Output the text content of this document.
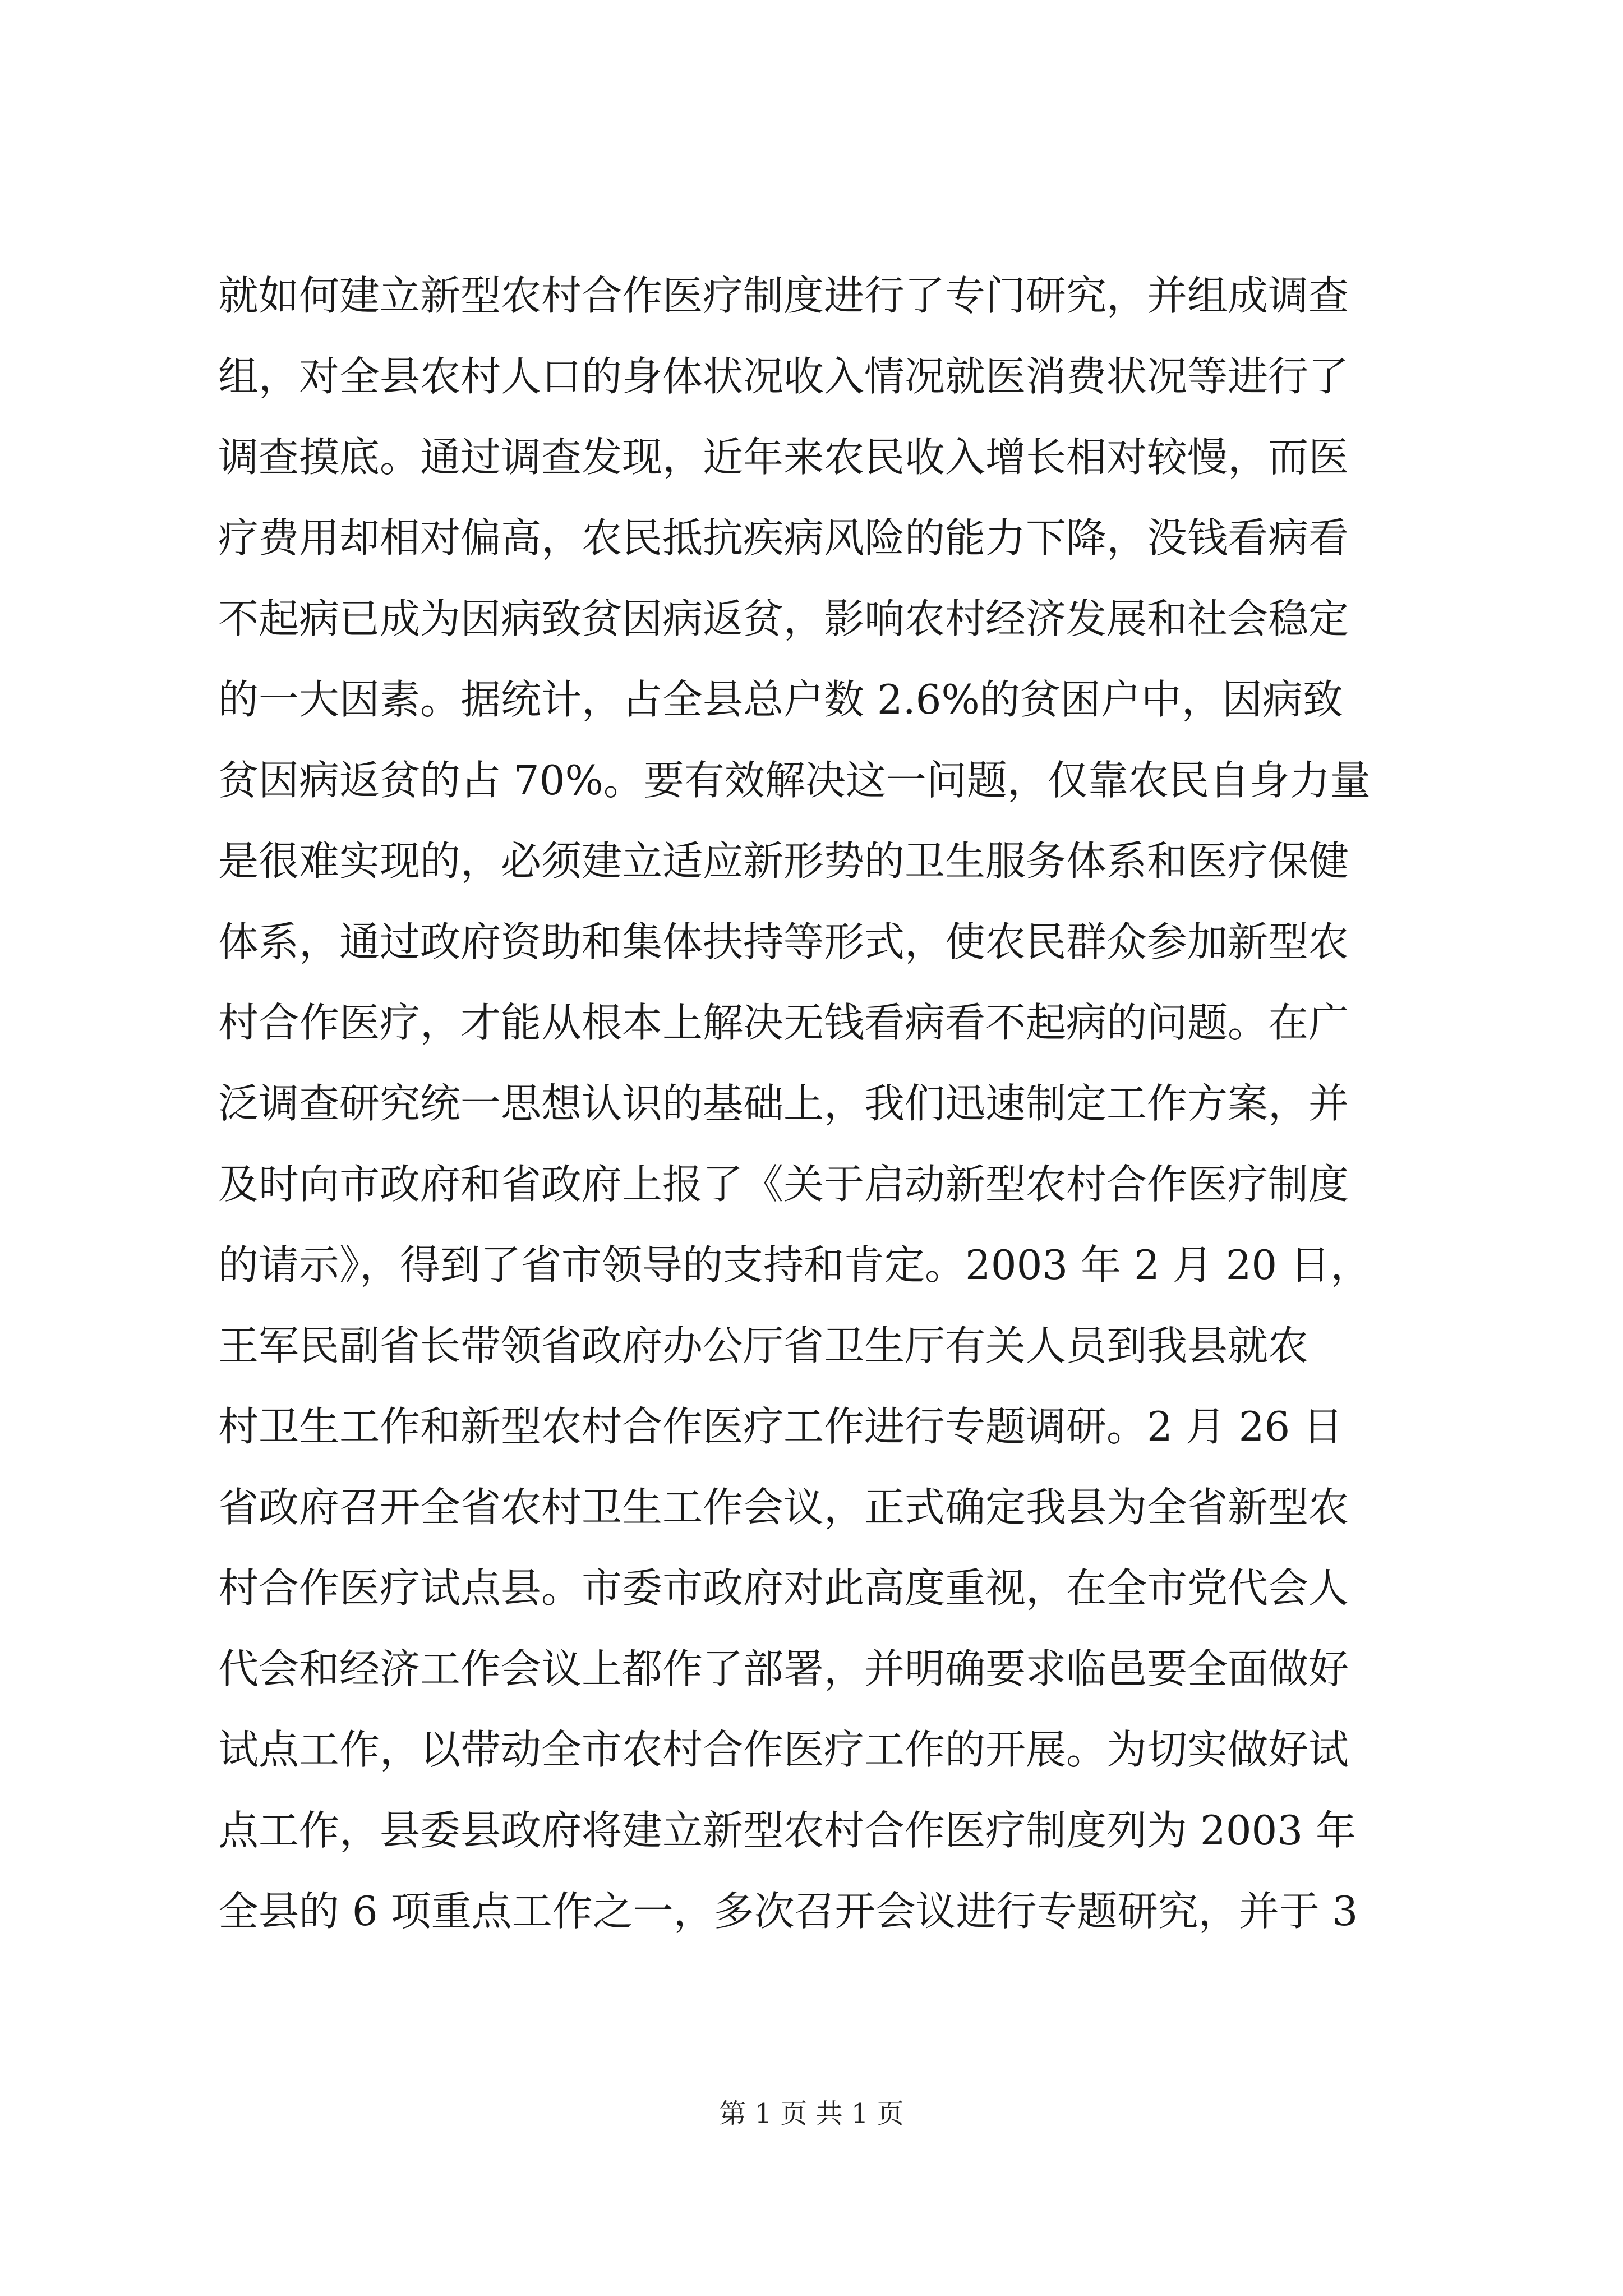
就如何建立新型农村合作医疗制度进行了专门研究，并组成调查
组，对全县农村人口的身体状况收入情况就医消费状况等进行了
调查摸底。通过调查发现，近年来农民收入增长相对较慢，而医
疗费用却相对偏高，农民抵抗疾病风险的能力下降，没钱看病看
不起病已成为因病致贫因病返贫，影响农村经济发展和社会稳定
的一大因素。据统计，占全县总户数 2.6%的贫困户中，因病致
贫因病返贫的占 70%。要有效解决这一问题，仅靠农民自身力量
是很难实现的，必须建立适应新形势的卫生服务体系和医疗保健
体系，通过政府资助和集体扶持等形式，使农民群众参加新型农
村合作医疗，才能从根本上解决无钱看病看不起病的问题。在广
泛调查研究统一思想认识的基础上，我们迅速制定工作方案，并
及时向市政府和省政府上报了《关于启动新型农村合作医疗制度
的请示》，得到了省市领导的支持和肯定。2003 年 2 月 20 日，
王军民副省长带领省政府办公厅省卫生厅有关人员到我县就农
村卫生工作和新型农村合作医疗工作进行专题调研。2 月 26 日
省政府召开全省农村卫生工作会议，正式确定我县为全省新型农
村合作医疗试点县。市委市政府对此高度重视，在全市党代会人
代会和经济工作会议上都作了部署，并明确要求临邑要全面做好
试点工作，以带动全市农村合作医疗工作的开展。为切实做好试
点工作，县委县政府将建立新型农村合作医疗制度列为 2003 年
全县的 6 项重点工作之一，多次召开会议进行专题研究，并于 3
第 1 页 共 1 页
